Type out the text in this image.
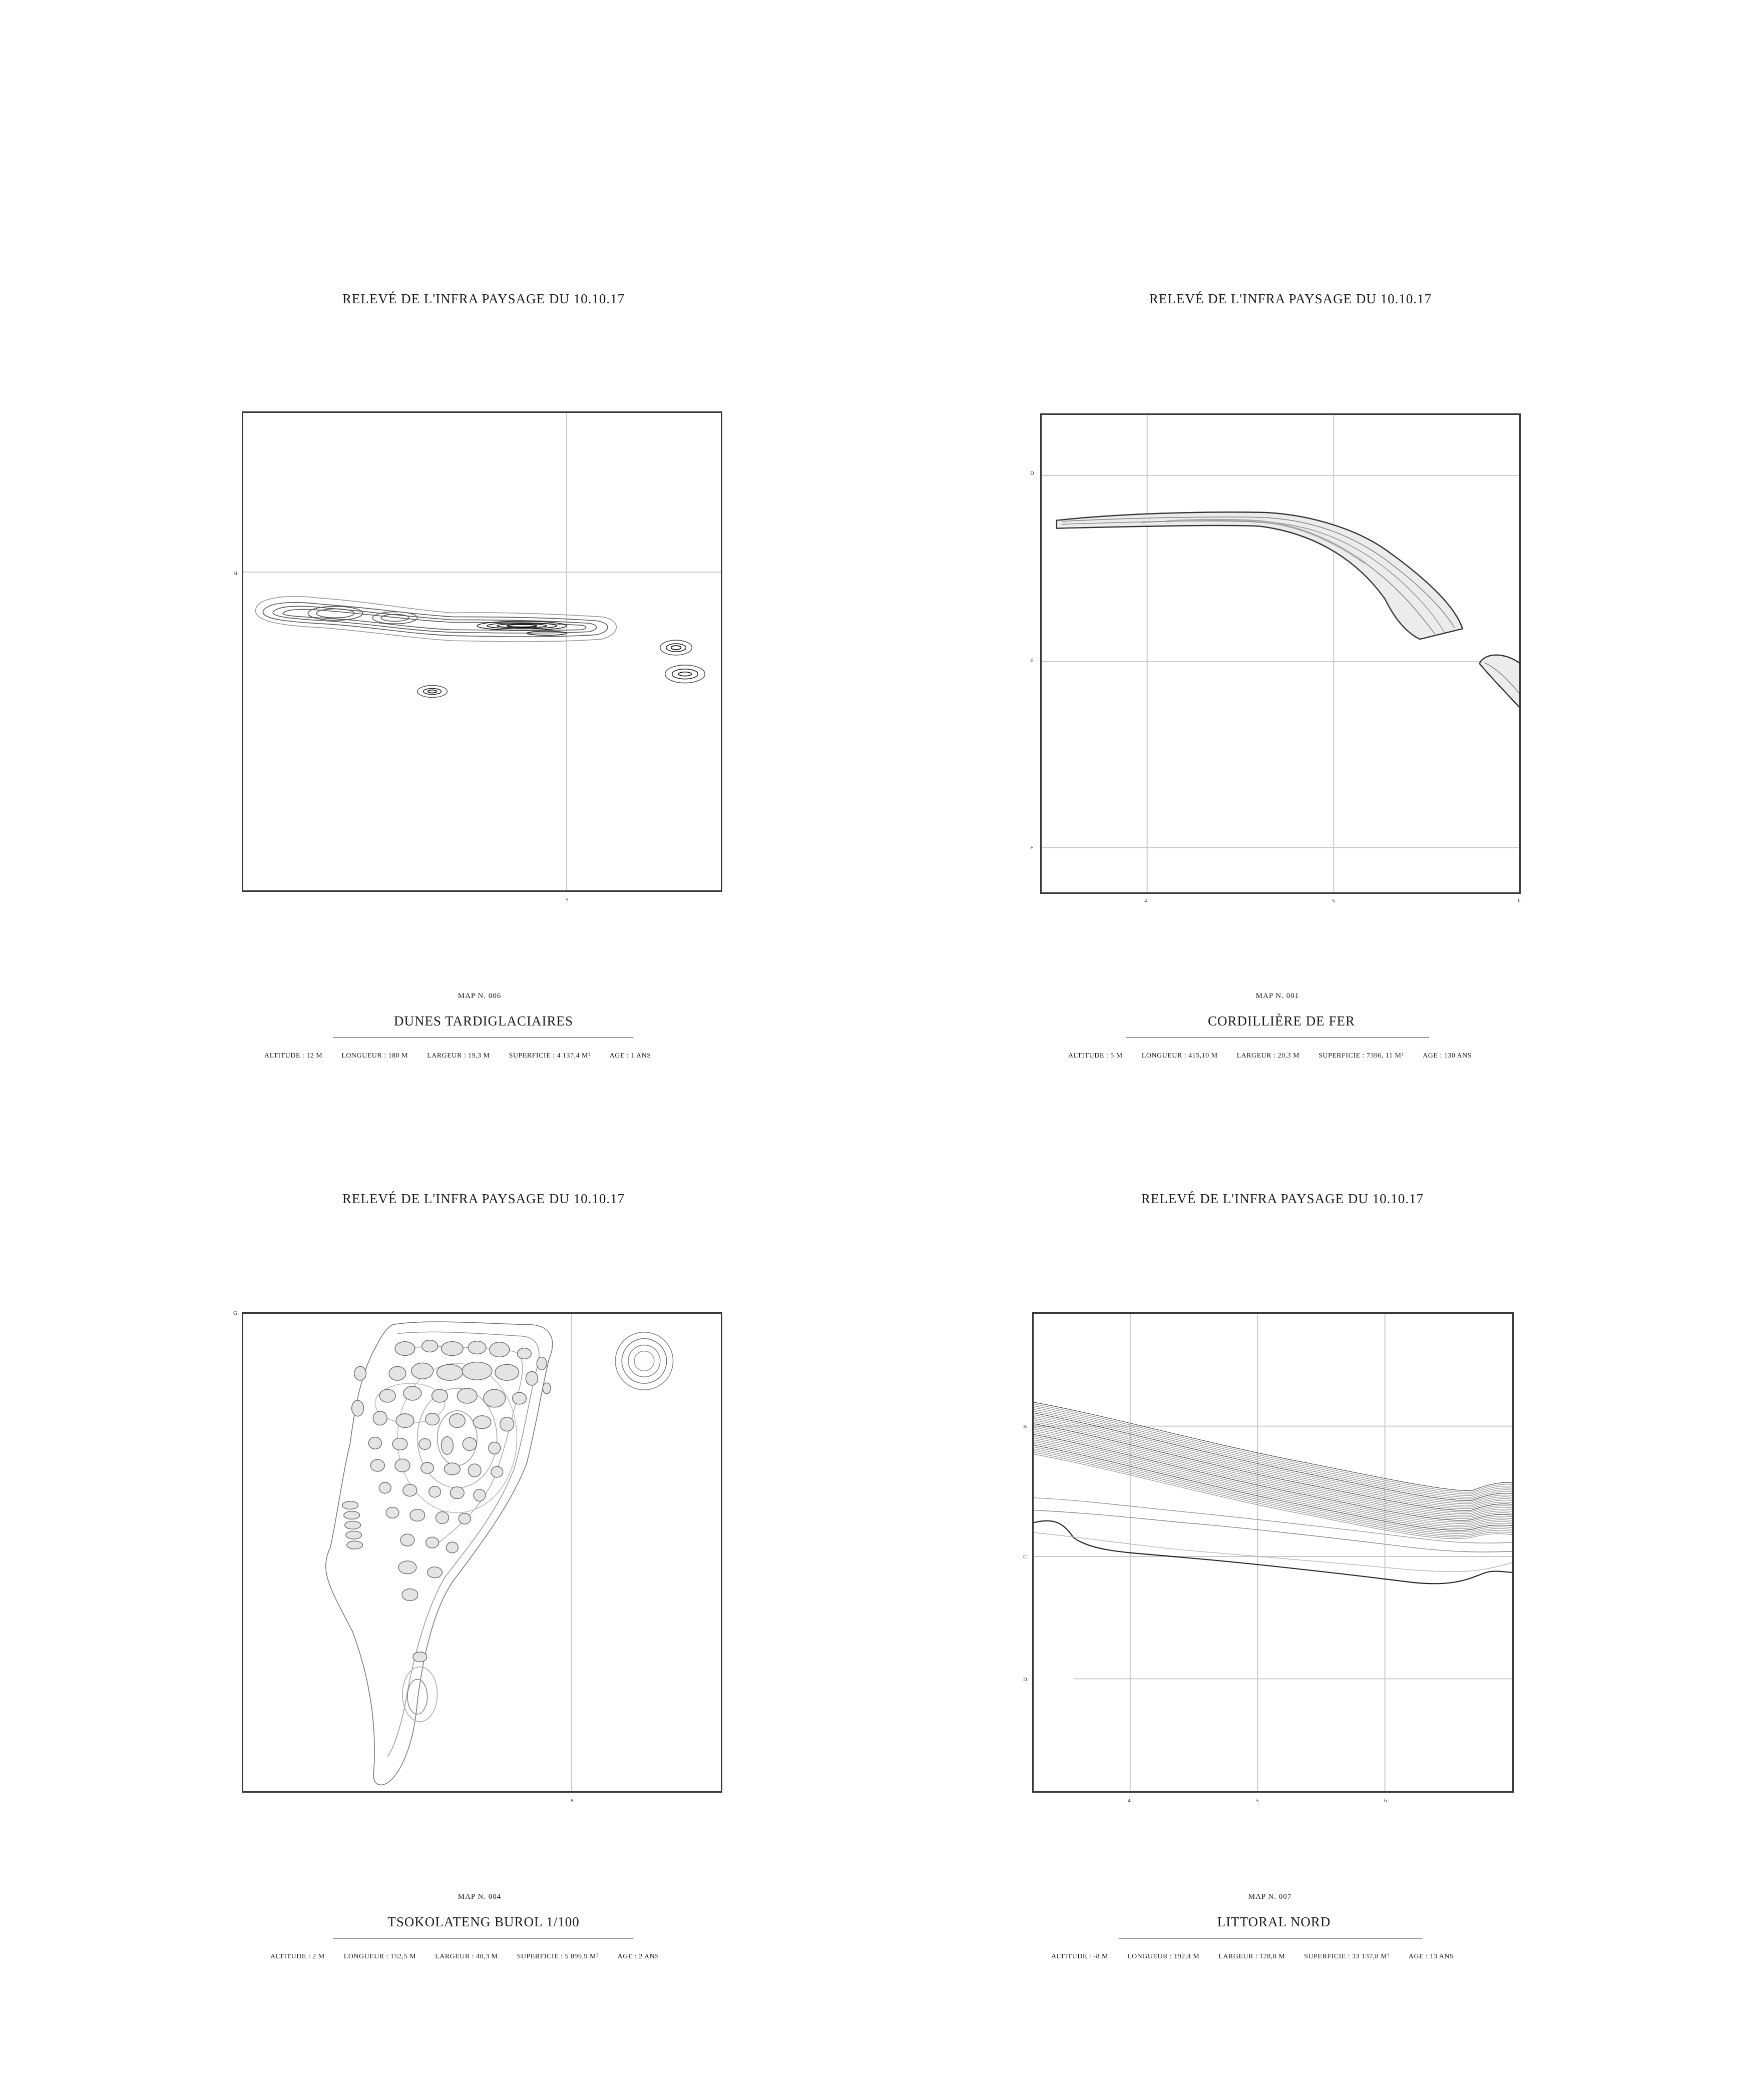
RELEVÉ DE L'INFRA PAYSAGE DU 10.10.17
H
5
MAP N. 006
DUNES TARDIGLACIAIRES
ALTITUDE : 12 M	LONGUEUR : 180 M	LARGEUR : 19,3 M	SUPERFICIE : 4 137,4 M²	AGE : 1 ANS
RELEVÉ DE L'INFRA PAYSAGE DU 10.10.17
D
E
F
4	5	6
MAP N. 001
CORDILLIÈRE DE FER
ALTITUDE : 5 M	LONGUEUR : 415,10 M	LARGEUR : 20,3 M	SUPERFICIE : 7396, 11 M²	AGE : 130 ANS
RELEVÉ DE L'INFRA PAYSAGE DU 10.10.17
G
8
MAP N. 004
TSOKOLATENG BUROL 1/100
ALTITUDE : 2 M	LONGUEUR : 152,5 M	LARGEUR : 40,3 M	SUPERFICIE : 5 899,9 M²	AGE : 2 ANS
RELEVÉ DE L'INFRA PAYSAGE DU 10.10.17
B
C
D
4	5	6
MAP N. 007
LITTORAL NORD
ALTITUDE : -8 M	LONGUEUR : 192,4 M	LARGEUR : 128,8 M	SUPERFICIE : 33 137,8 M²	AGE : 13 ANS
